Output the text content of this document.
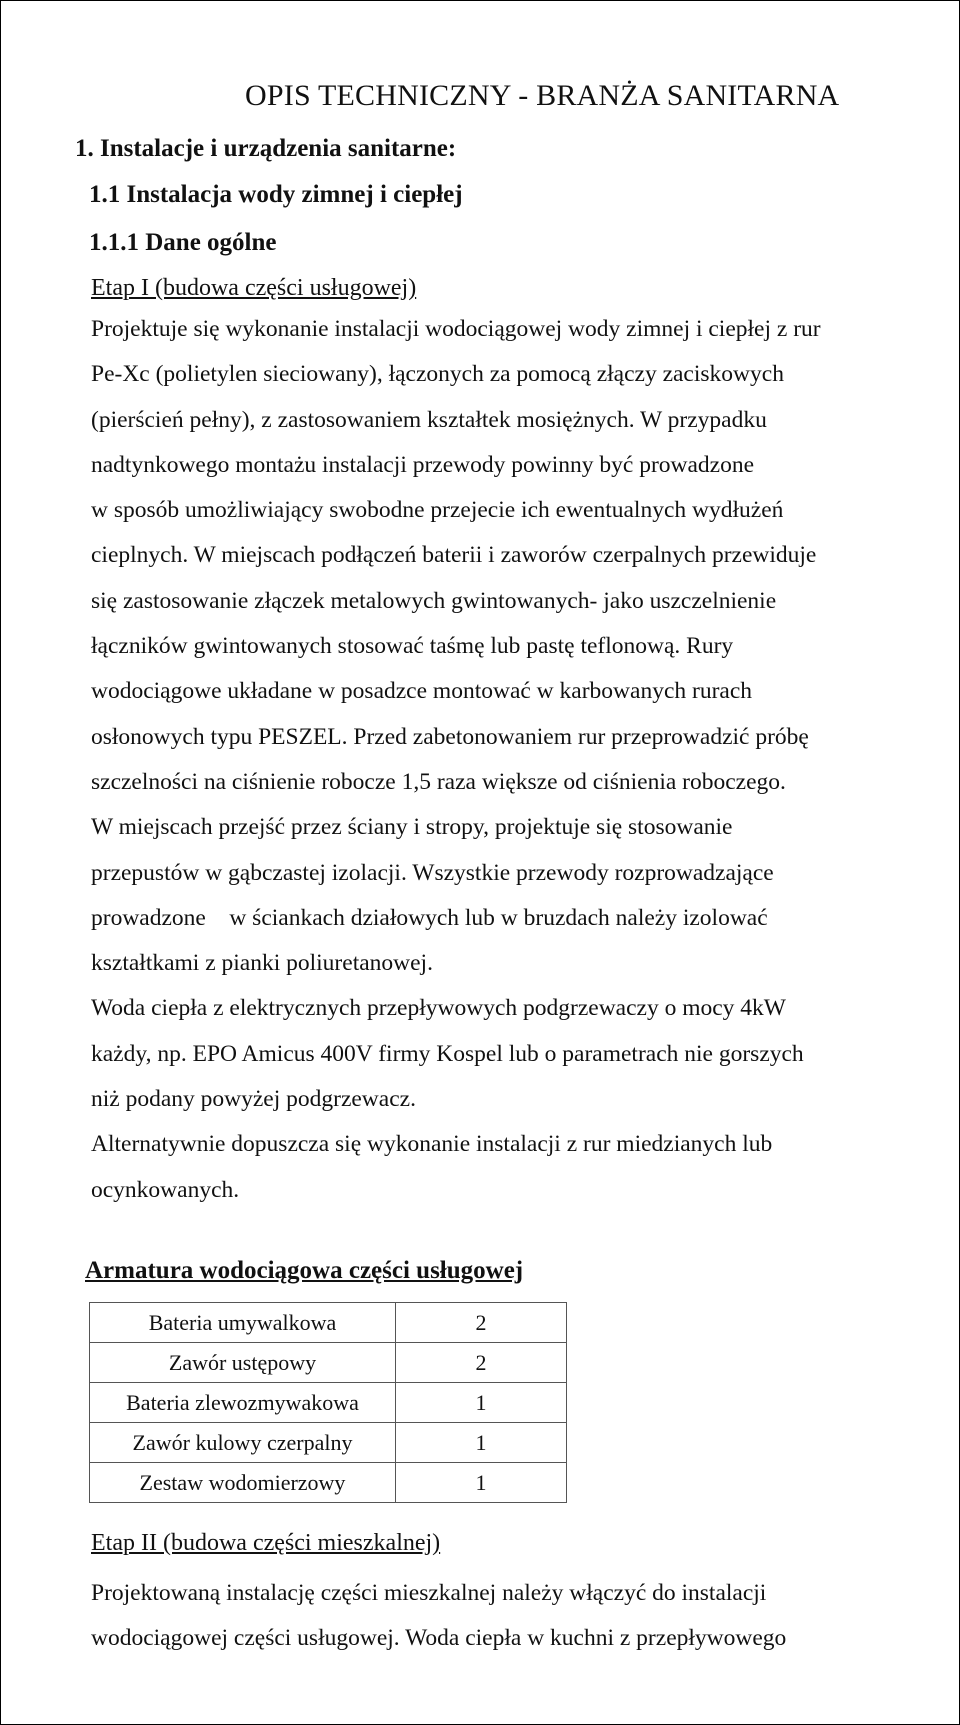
OPIS TECHNICZNY - BRANŻA SANITARNA
1. Instalacje i urządzenia sanitarne:
1.1 Instalacja wody zimnej i ciepłej
1.1.1 Dane ogólne
Etap I (budowa części usługowej)
Projektuje się wykonanie instalacji wodociągowej wody zimnej i ciepłej z rur
Pe-Xc (polietylen sieciowany), łączonych za pomocą złączy zaciskowych
(pierścień pełny), z zastosowaniem kształtek mosiężnych. W przypadku
nadtynkowego montażu instalacji przewody powinny być prowadzone
w sposób umożliwiający swobodne przejecie ich ewentualnych wydłużeń
cieplnych. W miejscach podłączeń baterii i zaworów czerpalnych przewiduje
się zastosowanie złączek metalowych gwintowanych- jako uszczelnienie
łączników gwintowanych stosować taśmę lub pastę teflonową. Rury
wodociągowe układane w posadzce montować w karbowanych rurach
osłonowych typu PESZEL. Przed zabetonowaniem rur przeprowadzić próbę
szczelności na ciśnienie robocze 1,5 raza większe od ciśnienia roboczego.
W miejscach przejść przez ściany i stropy, projektuje się stosowanie
przepustów w gąbczastej izolacji. Wszystkie przewody rozprowadzające
prowadzone    w ściankach działowych lub w bruzdach należy izolować
kształtkami z pianki poliuretanowej.
Woda ciepła z elektrycznych przepływowych podgrzewaczy o mocy 4kW
każdy, np. EPO Amicus 400V firmy Kospel lub o parametrach nie gorszych
niż podany powyżej podgrzewacz.
Alternatywnie dopuszcza się wykonanie instalacji z rur miedzianych lub
ocynkowanych.
Armatura wodociągowa części usługowej
Bateria umywalkowa	2
Zawór ustępowy	2
Bateria zlewozmywakowa	1
Zawór kulowy czerpalny	1
Zestaw wodomierzowy	1
Etap II (budowa części mieszkalnej)
Projektowaną instalację części mieszkalnej należy włączyć do instalacji
wodociągowej części usługowej. Woda ciepła w kuchni z przepływowego
